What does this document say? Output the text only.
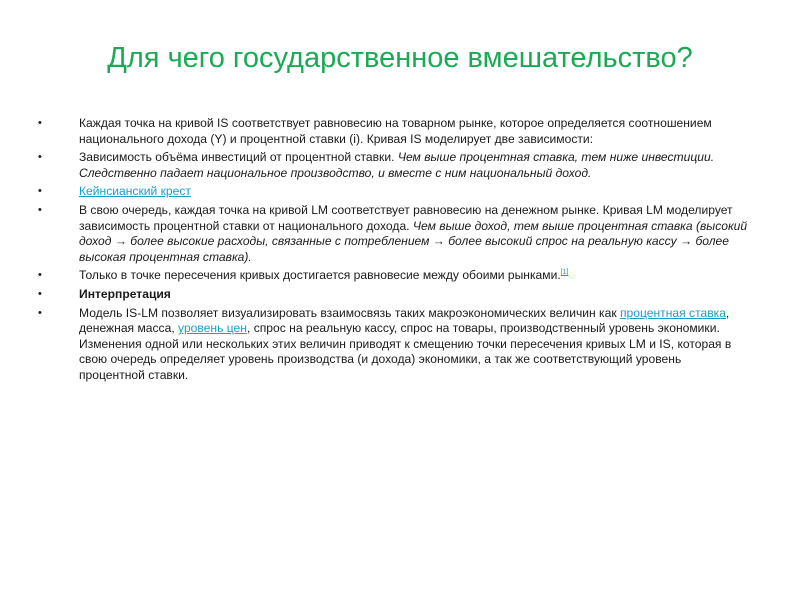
Для чего государственное вмешательство?
• Каждая точка на кривой IS соответствует равновесию на товарном рынке, которое определяется соотношением национального дохода (Y) и процентной ставки (i). Кривая IS моделирует две зависимости:
• Зависимость объёма инвестиций от процентной ставки. Чем выше процентная ставка, тем ниже инвестиции. Следственно падает национальное производство, и вместе с ним национальный доход.
• Кейнсианский крест
• В свою очередь, каждая точка на кривой LM соответствует равновесию на денежном рынке. Кривая LM моделирует зависимость процентной ставки от национального дохода. Чем выше доход, тем выше процентная ставка (высокий доход → более высокие расходы, связанные с потреблением → более высокий спрос на реальную кассу → более высокая процентная ставка).
• Только в точке пересечения кривых достигается равновесие между обоими рынками.[1]
• Интерпретация
• Модель IS-LM позволяет визуализировать взаимосвязь таких макроэкономических величин как процентная ставка, денежная масса, уровень цен, спрос на реальную кассу, спрос на товары, производственный уровень экономики. Изменения одной или нескольких этих величин приводят к смещению точки пересечения кривых LM и IS, которая в свою очередь определяет уровень производства (и дохода) экономики, а так же соответствующий уровень процентной ставки.
